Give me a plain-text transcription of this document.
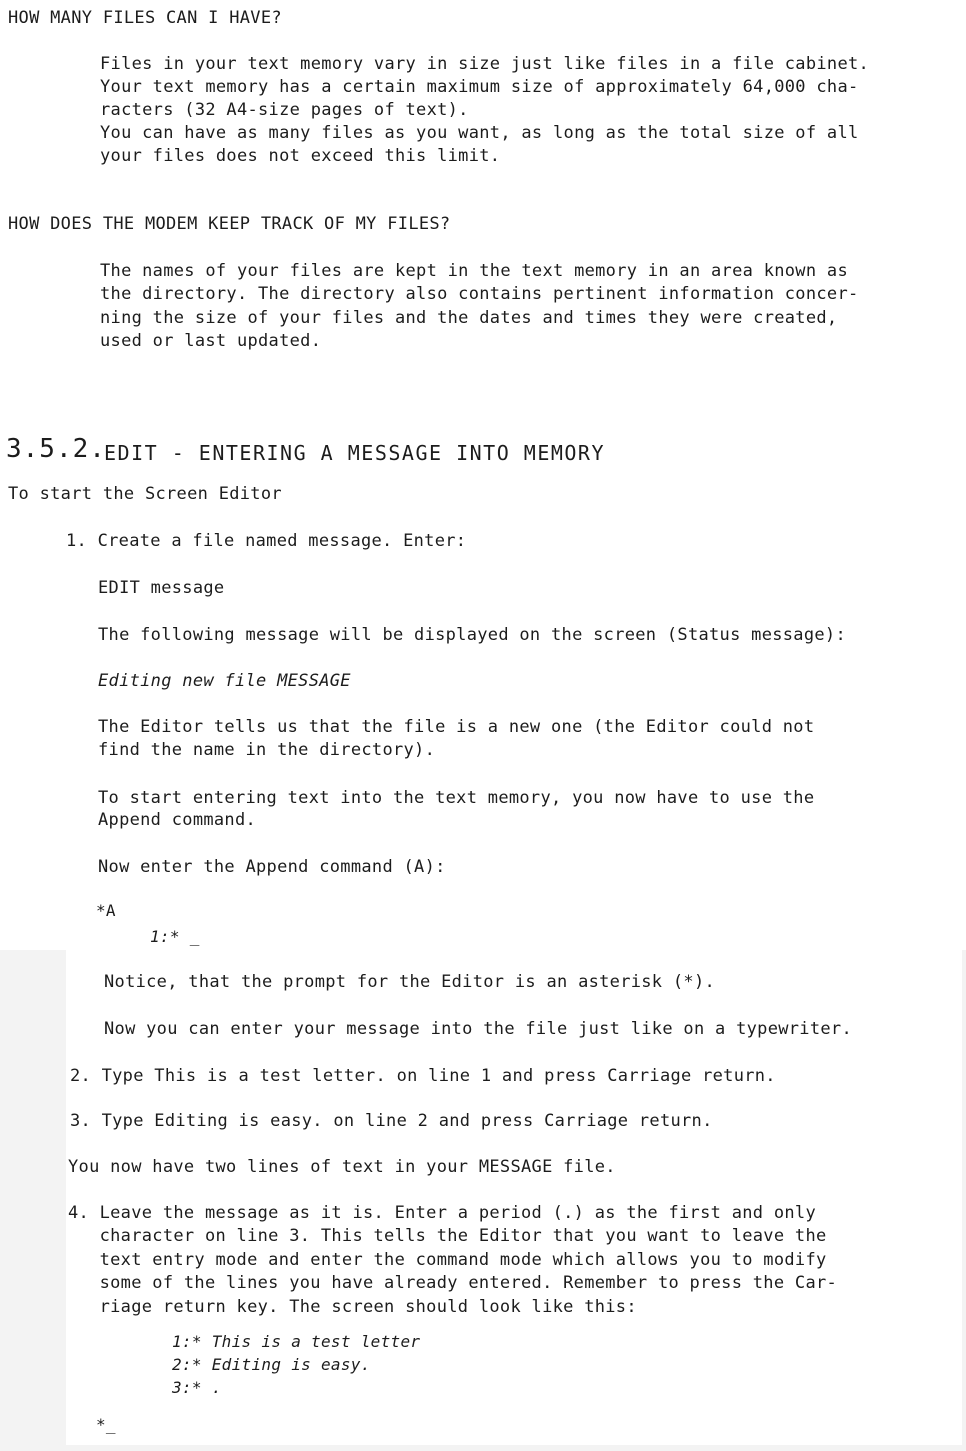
HOW MANY FILES CAN I HAVE?
Files in your text memory vary in size just like files in a file cabinet.
Your text memory has a certain maximum size of approximately 64,000 cha-
racters (32 A4-size pages of text).
You can have as many files as you want, as long as the total size of all
your files does not exceed this limit.
HOW DOES THE MODEM KEEP TRACK OF MY FILES?
The names of your files are kept in the text memory in an area known as
the directory. The directory also contains pertinent information concer-
ning the size of your files and the dates and times they were created,
used or last updated.
3.5.2.
EDIT - ENTERING A MESSAGE INTO MEMORY
To start the Screen Editor
1. Create a file named message. Enter:
EDIT message
The following message will be displayed on the screen (Status message):
Editing new file MESSAGE
The Editor tells us that the file is a new one (the Editor could not
find the name in the directory).
To start entering text into the text memory, you now have to use the
Append command.
Now enter the Append command (A):
*A
1:* _
Notice, that the prompt for the Editor is an asterisk (*).
Now you can enter your message into the file just like on a typewriter.
2. Type This is a test letter. on line 1 and press Carriage return.
3. Type Editing is easy. on line 2 and press Carriage return.
You now have two lines of text in your MESSAGE file.
4. Leave the message as it is. Enter a period (.) as the first and only
character on line 3. This tells the Editor that you want to leave the
text entry mode and enter the command mode which allows you to modify
some of the lines you have already entered. Remember to press the Car-
riage return key. The screen should look like this:
1:* This is a test letter
2:* Editing is easy.
3:* .
*_
